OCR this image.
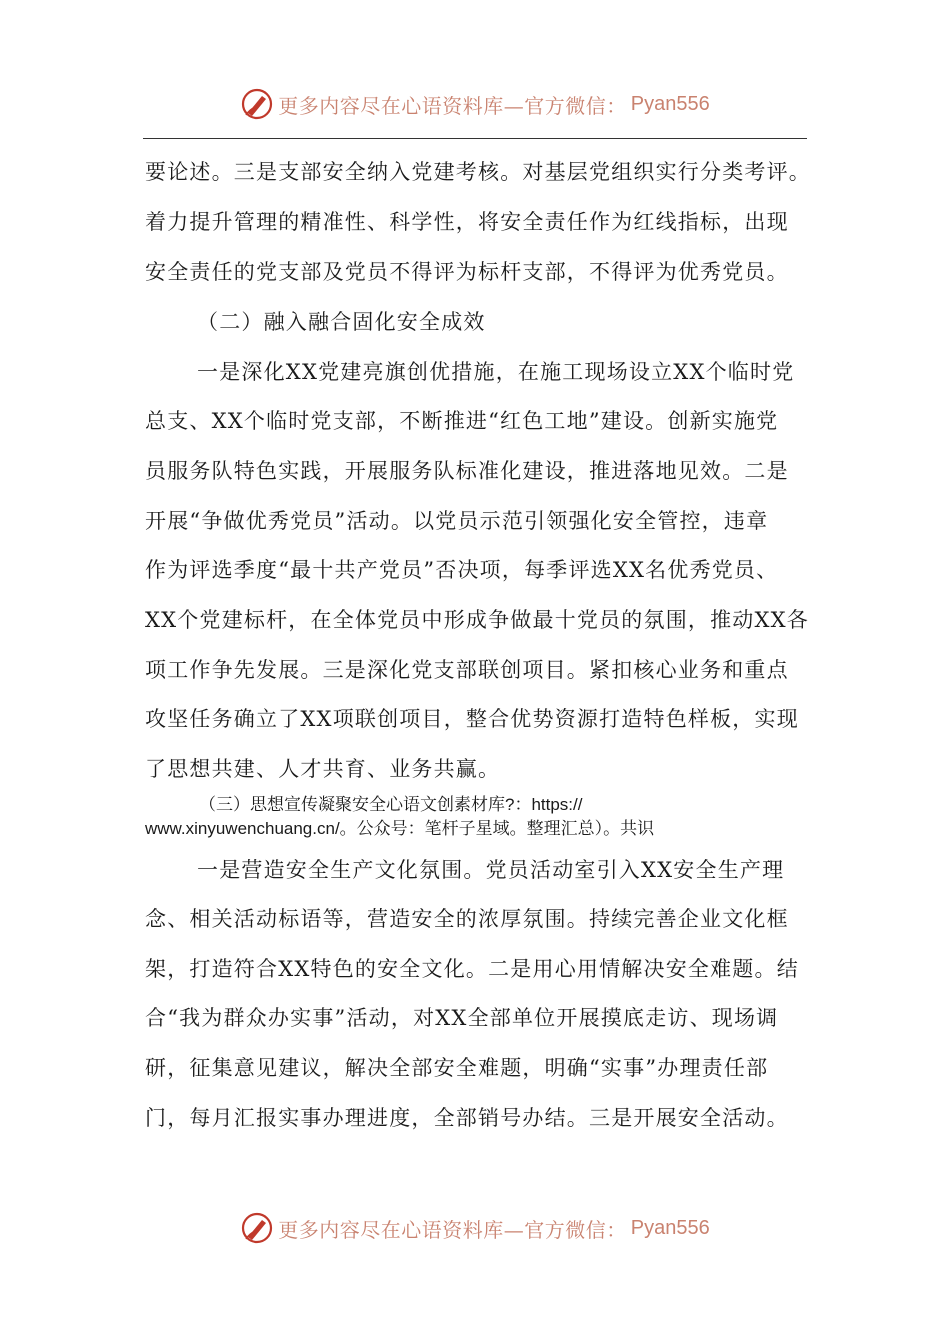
更多内容尽在心语资料库—官方微信： Pyan556
要论述。三是支部安全纳入党建考核。对基层党组织实行分类考评。
着力提升管理的精准性、科学性，将安全责任作为红线指标，出现
安全责任的党支部及党员不得评为标杆支部，不得评为优秀党员。
（二）融入融合固化安全成效
一是深化XX党建亮旗创优措施，在施工现场设立XX个临时党
总支、XX个临时党支部，不断推进“红色工地”建设。创新实施党
员服务队特色实践，开展服务队标准化建设，推进落地见效。二是
开展“争做优秀党员”活动。以党员示范引领强化安全管控，违章
作为评选季度“最十共产党员”否决项，每季评选XX名优秀党员、
XX个党建标杆，在全体党员中形成争做最十党员的氛围，推动XX各
项工作争先发展。三是深化党支部联创项目。紧扣核心业务和重点
攻坚任务确立了XX项联创项目，整合优势资源打造特色样板，实现
了思想共建、人才共育、业务共赢。
（三）思想宣传凝聚安全心语文创素材库?：https://
www.xinyuwenchuang.cn/。公众号：笔杆子星域。整理汇总）。共识
一是营造安全生产文化氛围。党员活动室引入XX安全生产理
念、相关活动标语等，营造安全的浓厚氛围。持续完善企业文化框
架，打造符合XX特色的安全文化。二是用心用情解决安全难题。结
合“我为群众办实事”活动，对XX全部单位开展摸底走访、现场调
研，征集意见建议，解决全部安全难题，明确“实事”办理责任部
门，每月汇报实事办理进度，全部销号办结。三是开展安全活动。
更多内容尽在心语资料库—官方微信： Pyan556
